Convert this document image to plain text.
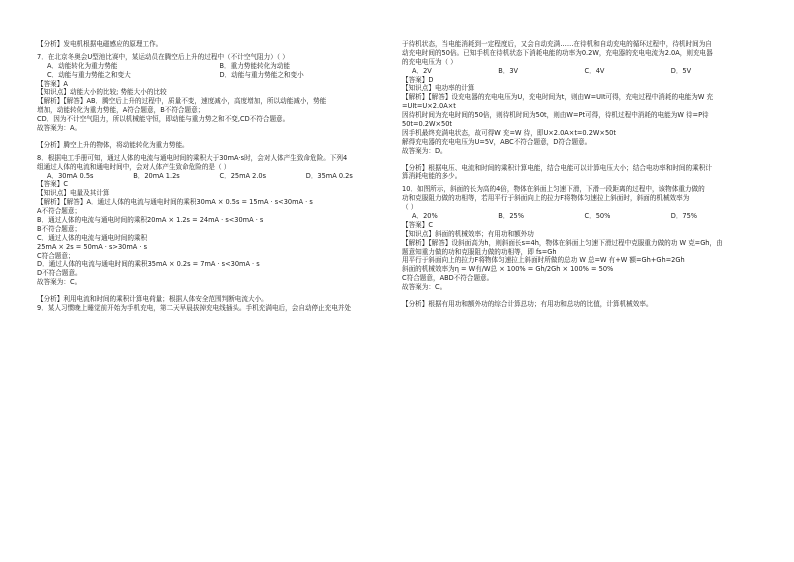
【分析】发电机根据电磁感应的原理工作。

7．在北京冬奥会U型池比赛中，某运动员在腾空后上升的过程中（不计空气阻力）（ ）

A．动能转化为重力势能	B．重力势能转化为动能
C．动能与重力势能之和变大	D．动能与重力势能之和变小

【答案】A

【知识点】动能大小的比较; 势能大小的比较

【解析】【解答】AB．腾空后上升的过程中，质量不变，速度减小，高度增加，所以动能减小，势能

增加，动能转化为重力势能，A符合题意，B不符合题意；

CD．因为不计空气阻力，所以机械能守恒，即动能与重力势之和不变,CD不符合题意。

故答案为：A。

【分析】腾空上升的物体，将动能转化为重力势能。

8．根据电工手册可知，通过人体的电流与通电时间的乘积大于30mA·s时，会对人体产生致命危险。下列4

组通过人体的电流和通电时间中，会对人体产生致命危险的是（ ）

A．30mA 0.5s	B．20mA 1.2s	C．25mA 2.0s	D．35mA 0.2s

【答案】C

【知识点】电量及其计算

【解析】【解答】A．通过人体的电流与通电时间的乘积30mA × 0.5s = 15mA · s<30mA · s

A不符合题意；

B．通过人体的电流与通电时间的乘积20mA × 1.2s = 24mA · s<30mA · s

B不符合题意；

C．通过人体的电流与通电时间的乘积

25mA × 2s = 50mA · s>30mA · s

C符合题意；

D．通过人体的电流与通电时间的乘积35mA × 0.2s = 7mA · s<30mA · s

D不符合题意。

故答案为：C。

【分析】利用电流和时间的乘积计算电荷量；根据人体安全范围判断电流大小。

9．某人习惯晚上睡觉前开始为手机充电，第二天早晨拔掉充电线插头。手机充满电后，会自动停止充电并处

于待机状态，当电能消耗到一定程度后，又会自动充满……在待机和自动充电的循环过程中，待机时间为自

动充电时间的50倍。已知手机在待机状态下消耗电能的功率为0.2W，充电器的充电电流为2.0A，则充电器

的充电电压为（ ）

A．2V	B．3V	C．4V	D．5V

【答案】D

【知识点】电功率的计算

【解析】【解答】设充电器的充电电压为U，充电时间为t，则由W=UIt可得，充电过程中消耗的电能为W 充

=UIt=U×2.0A×t

因待机时间为充电时间的50倍，则待机时间为50t，则由W=Pt可得，待机过程中消耗的电能为W 待=P待

50t=0.2W×50t

因手机最终充满电状态，故可得W 充=W 待，即U×2.0A×t=0.2W×50t

解得充电器的充电电压为U=5V，ABC不符合题意，D符合题意。

故答案为：D。

【分析】根据电压、电流和时间的乘积计算电能，结合电能可以计算电压大小；结合电功率和时间的乘积计

算消耗电能的多少。

10．如图所示，斜面的长为高的4倍，物体在斜面上匀速下滑，下滑一段距离的过程中，该物体重力做的

功和克服阻力做的功相等，若用平行于斜面向上的拉力F将物体匀速拉上斜面时，斜面的机械效率为

（ ）

A．20%	B．25%	C．50%	D．75%

【答案】C

【知识点】斜面的机械效率；有用功和额外功

【解析】【解答】设斜面高为h，则斜面长s=4h，物体在斜面上匀速下滑过程中克服重力做的功 W 克=Gh，由

题意知重力做的功和克服阻力做的功相等，即 fs=Gh

用平行于斜面向上的拉力F将物体匀速拉上斜面时所做的总功 W 总=W 有+W 额=Gh+Gh=2Gh

斜面的机械效率为η = W有/W总 × 100% = Gh/2Gh × 100% = 50%

C符合题意，ABD不符合题意。

故答案为：C。

【分析】根据有用功和额外功的综合计算总功；有用功和总功的比值，计算机械效率。
